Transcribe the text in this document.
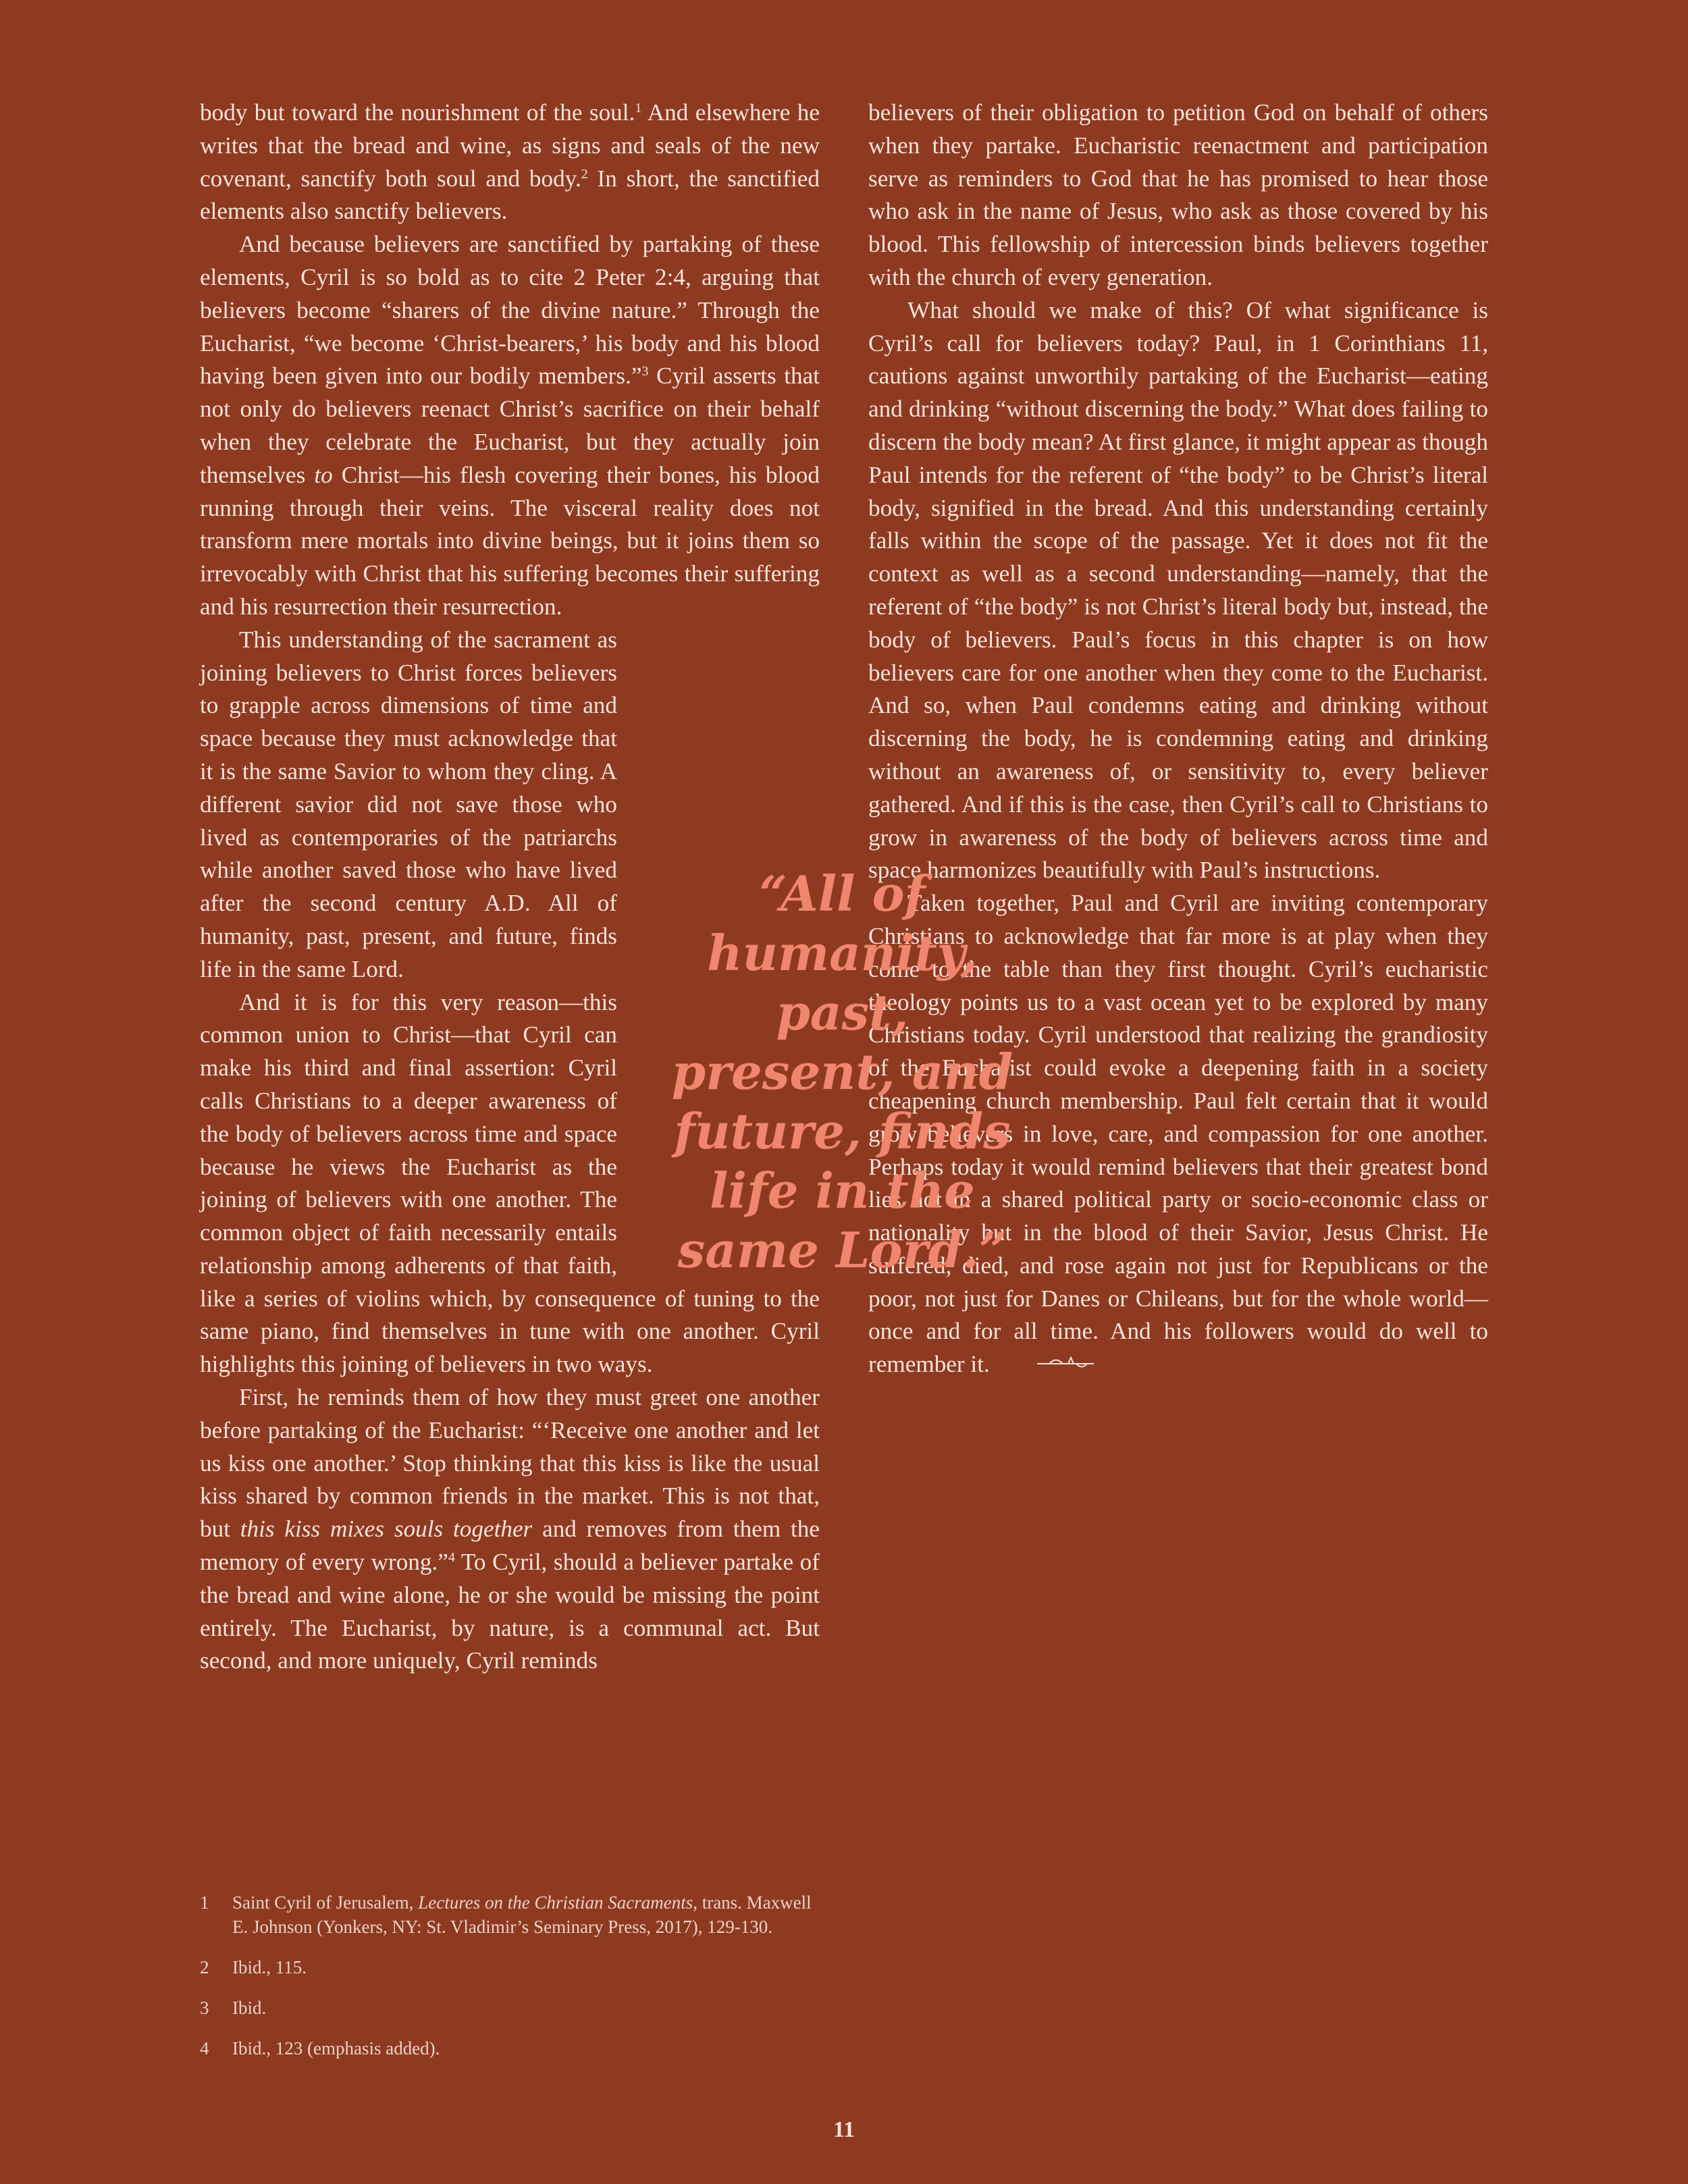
body but toward the nourishment of the soul.$^1$ And elsewhere he writes that the bread and wine, as signs and seals of the new covenant, sanctify both soul and body.$^2$ In short, the sanctified elements also sanctify believers.

And because believers are sanctified by partaking of these elements, Cyril is so bold as to cite 2 Peter 2:4, arguing that believers become “sharers of the divine nature.” Through the Eucharist, “we become ‘Christ-bearers,’ his body and his blood having been given into our bodily members.”$^3$ Cyril asserts that not only do believers reenact Christ’s sacrifice on their behalf when they celebrate the Eucharist, but they actually join themselves to Christ—his flesh covering their bones, his blood running through their veins. The visceral reality does not transform mere mortals into divine beings, but it joins them so irrevocably with Christ that his suffering becomes their suffering and his resurrection their resurrection.

This understanding of the sacrament as joining believers to Christ forces believers to grapple across dimensions of time and space because they must acknowledge that it is the same Savior to whom they cling. A different savior did not save those who lived as contemporaries of the patriarchs while another saved those who have lived after the second century A.D. All of humanity, past, present, and future, finds life in the same Lord.

And it is for this very reason—this common union to Christ—that Cyril can make his third and final assertion: Cyril calls Christians to a deeper awareness of the body of believers across time and space because he views the Eucharist as the joining of believers with one another. The common object of faith necessarily entails relationship among adherents of that faith, like a series of violins which, by consequence of tuning to the same piano, find themselves in tune with one another. Cyril highlights this joining of believers in two ways.

First, he reminds them of how they must greet one another before partaking of the Eucharist: “‘Receive one another and let us kiss one another.’ Stop thinking that this kiss is like the usual kiss shared by common friends in the market. This is not that, but this kiss mixes souls together and removes from them the memory of every wrong.”$^4$ To Cyril, should a believer partake of the bread and wine alone, he or she would be missing the point entirely. The Eucharist, by nature, is a communal act. But second, and more uniquely, Cyril reminds

believers of their obligation to petition God on behalf of others when they partake. Eucharistic reenactment and participation serve as reminders to God that he has promised to hear those who ask in the name of Jesus, who ask as those covered by his blood. This fellowship of intercession binds believers together with the church of every generation.

What should we make of this? Of what significance is Cyril’s call for believers today? Paul, in 1 Corinthians 11, cautions against unworthily partaking of the Eucharist—eating and drinking “without discerning the body.” What does failing to discern the body mean? At first glance, it might appear as though Paul intends for the referent of “the body” to be Christ’s literal body, signified in the bread. And this understanding certainly falls within the scope of the passage. Yet it does not fit the context as well as a second understanding—namely, that the referent of “the body” is not Christ’s literal body but, instead, the body of believers. Paul’s focus in this chapter is on how believers care for one another when they come to the Eucharist. And so, when Paul condemns eating and drinking without discerning the body, he is condemning eating and drinking without an awareness of, or sensitivity to, every believer gathered. And if this is the case, then Cyril’s call to Christians to grow in awareness of the body of believers across time and space harmonizes beautifully with Paul’s instructions.

Taken together, Paul and Cyril are inviting contemporary Christians to acknowledge that far more is at play when they come to the table than they first thought. Cyril’s eucharistic theology points us to a vast ocean yet to be explored by many Christians today. Cyril understood that realizing the grandiosity of the Eucharist could evoke a deepening faith in a society cheapening church membership. Paul felt certain that it would grow believers in love, care, and compassion for one another. Perhaps today it would remind believers that their greatest bond lies not in a shared political party or socio-economic class or nationality but in the blood of their Savior, Jesus Christ. He suffered, died, and rose again not just for Republicans or the poor, not just for Danes or Chileans, but for the whole world—once and for all time. And his followers would do well to remember it.

“All of humanity, past, present, and future, finds life in the same Lord.”
1	Saint Cyril of Jerusalem, Lectures on the Christian Sacraments, trans. Maxwell E. Johnson (Yonkers, NY: St. Vladimir’s Seminary Press, 2017), 129-130.
2	Ibid., 115.
3	Ibid.
4	Ibid., 123 (emphasis added).
11
